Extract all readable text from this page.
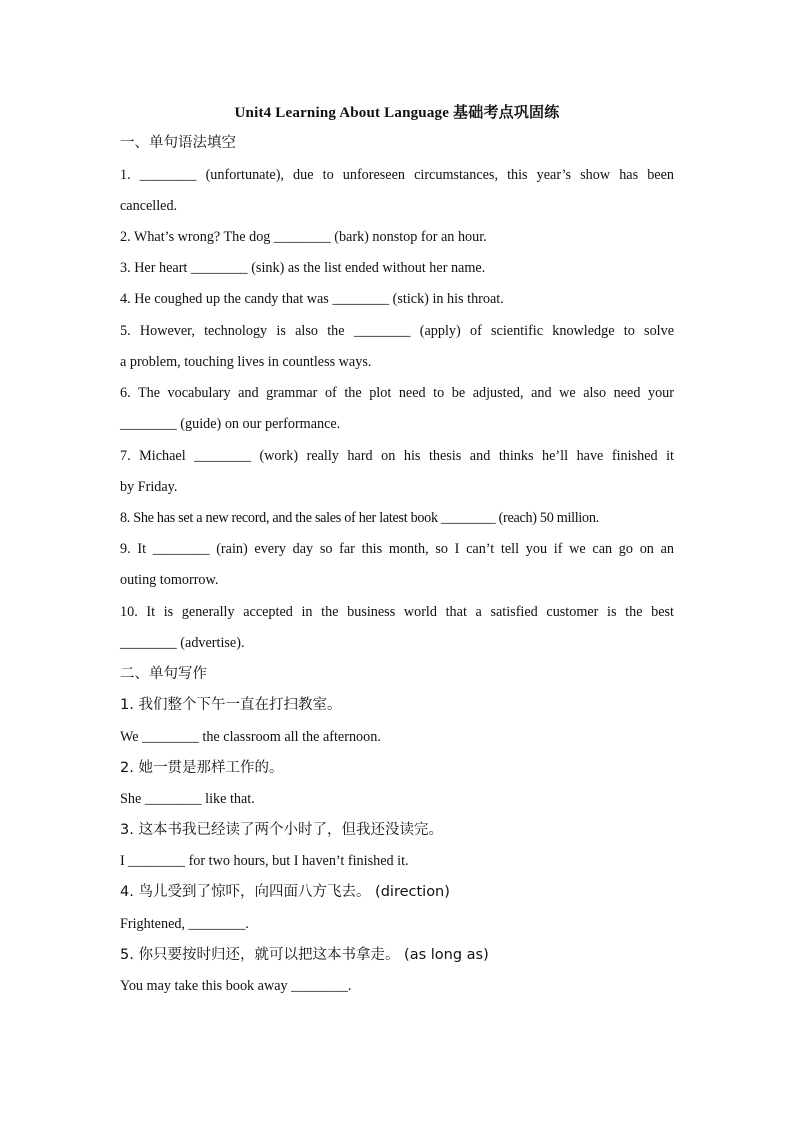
Unit4 Learning About Language 基础考点巩固练
一、单句语法填空
1. ________ (unfortunate), due to unforeseen circumstances, this year’s show has been
cancelled.
2. What’s wrong? The dog ________ (bark) nonstop for an hour.
3. Her heart ________ (sink) as the list ended without her name.
4. He coughed up the candy that was ________ (stick) in his throat.
5. However, technology is also the ________ (apply) of scientific knowledge to solve
a problem, touching lives in countless ways.
6. The vocabulary and grammar of the plot need to be adjusted, and we also need your
________ (guide) on our performance.
7. Michael ________ (work) really hard on his thesis and thinks he’ll have finished it
by Friday.
8. She has set a new record, and the sales of her latest book ________ (reach) 50 million.
9. It ________ (rain) every day so far this month, so I can’t tell you if we can go on an
outing tomorrow.
10. It is generally accepted in the business world that a satisfied customer is the best
________ (advertise).
二、单句写作
1. 我们整个下午一直在打扫教室。
We ________ the classroom all the afternoon.
2. 她一贯是那样工作的。
She ________ like that.
3. 这本书我已经读了两个小时了，但我还没读完。
I ________ for two hours, but I haven’t finished it.
4. 鸟儿受到了惊吓，向四面八方飞去。 (direction)
Frightened, ________.
5. 你只要按时归还，就可以把这本书拿走。 (as long as)
You may take this book away ________.
